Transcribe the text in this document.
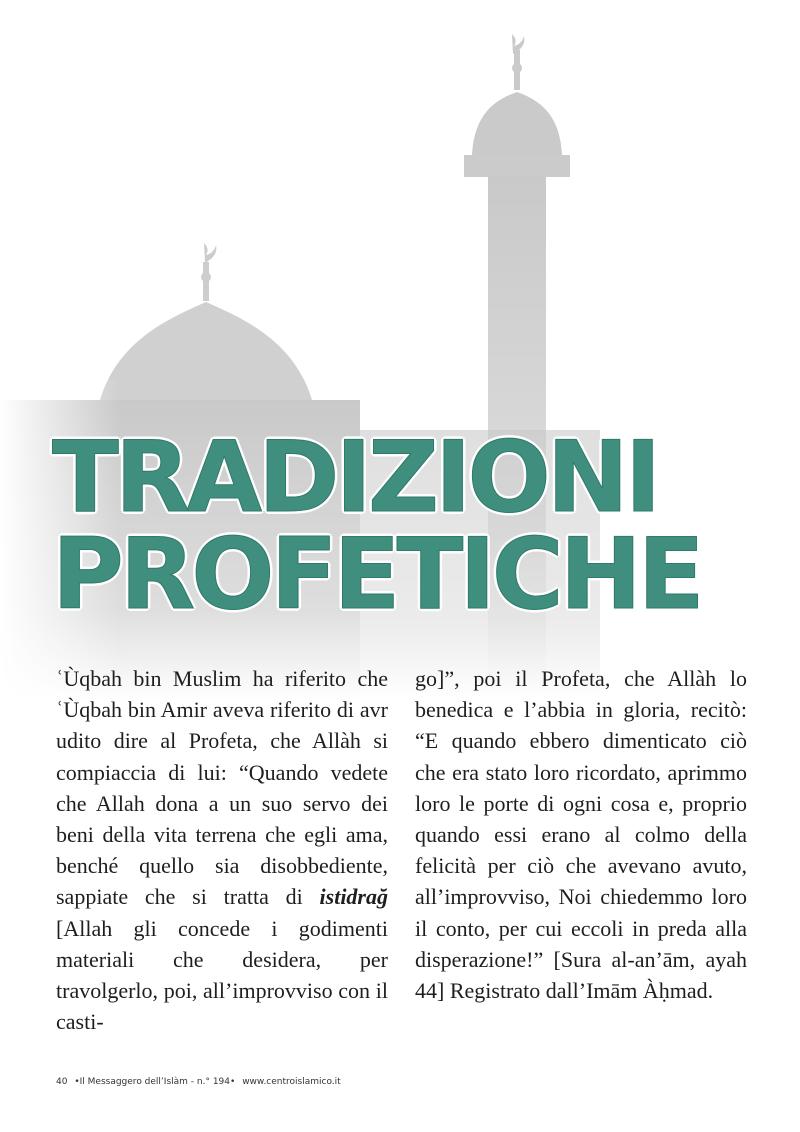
TRADIZIONI
PROFETICHE

ʿÙqbah bin Muslim ha riferito che ʿÙqbah bin Amir aveva riferito di avr udito dire al Profeta, che Allàh si compiaccia di lui: “Quando vedete che Allah dona a un suo servo dei beni della vita terrena che egli ama, benché quello sia disobbediente, sappiate che si tratta di istidrağ [Allah gli concede i godimenti materiali che desidera, per travolgerlo, poi, all’improvviso con il casti-

go]”, poi il Profeta, che Allàh lo benedica e l’abbia in gloria, recitò: “E quando ebbero dimenticato ciò che era stato loro ricordato, aprimmo loro le porte di ogni cosa e, proprio quando essi erano al colmo della felicità per ciò che avevano avuto, all’improvviso, Noi chiedemmo loro il conto, per cui eccoli in preda alla disperazione!” [Sura al-an’ām, ayah 44] Registrato dall’Imām Àḥmad.

40 •Il Messaggero dell’Islàm - n.° 194• www.centroislamico.it
